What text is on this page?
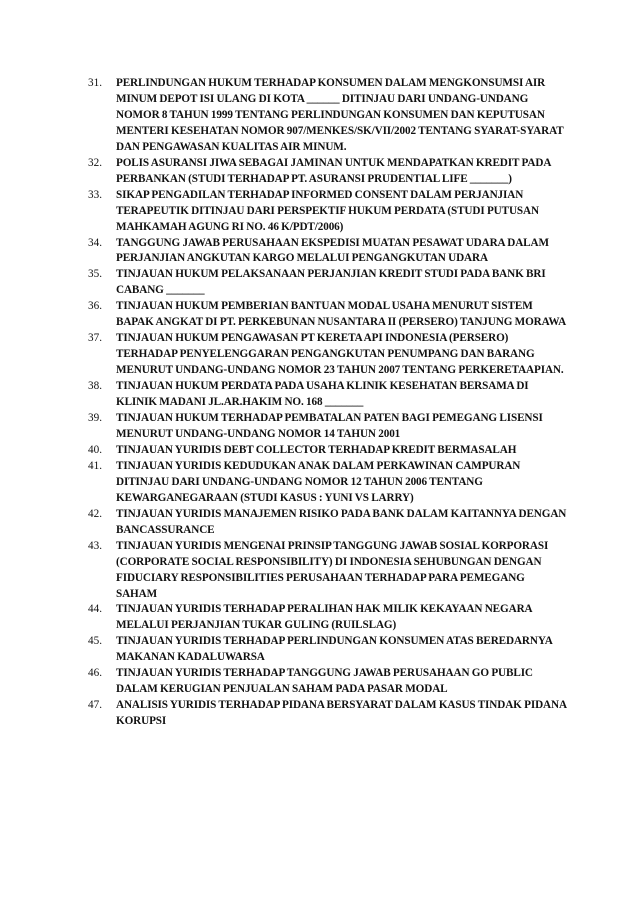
31.	PERLINDUNGAN HUKUM TERHADAP KONSUMEN DALAM MENGKONSUMSI AIR MINUM DEPOT ISI ULANG DI KOTA ______ DITINJAU DARI UNDANG-UNDANG NOMOR 8 TAHUN 1999 TENTANG PERLINDUNGAN KONSUMEN DAN KEPUTUSAN MENTERI KESEHATAN NOMOR 907/MENKES/SK/VII/2002 TENTANG SYARAT-SYARAT DAN PENGAWASAN KUALITAS AIR MINUM.
32.	POLIS ASURANSI JIWA SEBAGAI JAMINAN UNTUK MENDAPATKAN KREDIT PADA PERBANKAN (STUDI TERHADAP PT. ASURANSI PRUDENTIAL LIFE _______)
33.	SIKAP PENGADILAN TERHADAP INFORMED CONSENT DALAM PERJANJIAN TERAPEUTIK DITINJAU DARI PERSPEKTIF HUKUM PERDATA (STUDI PUTUSAN MAHKAMAH AGUNG RI NO. 46 K/PDT/2006)
34.	TANGGUNG JAWAB PERUSAHAAN EKSPEDISI MUATAN PESAWAT UDARA DALAM PERJANJIAN ANGKUTAN KARGO MELALUI PENGANGKUTAN UDARA
35.	TINJAUAN HUKUM PELAKSANAAN PERJANJIAN KREDIT STUDI PADA BANK BRI CABANG _______
36.	TINJAUAN HUKUM PEMBERIAN BANTUAN MODAL USAHA MENURUT SISTEM BAPAK ANGKAT DI PT. PERKEBUNAN NUSANTARA II (PERSERO) TANJUNG MORAWA
37.	TINJAUAN HUKUM PENGAWASAN PT KERETA API INDONESIA (PERSERO) TERHADAP PENYELENGGARAN PENGANGKUTAN PENUMPANG DAN BARANG MENURUT UNDANG-UNDANG NOMOR 23 TAHUN 2007 TENTANG PERKERETAAPIAN.
38.	TINJAUAN HUKUM PERDATA PADA USAHA KLINIK KESEHATAN BERSAMA DI KLINIK MADANI JL.AR.HAKIM NO. 168 _______
39.	TINJAUAN HUKUM TERHADAP PEMBATALAN PATEN BAGI PEMEGANG LISENSI MENURUT UNDANG-UNDANG NOMOR 14 TAHUN 2001
40.	TINJAUAN YURIDIS DEBT COLLECTOR TERHADAP KREDIT BERMASALAH
41.	TINJAUAN YURIDIS KEDUDUKAN ANAK DALAM PERKAWINAN CAMPURAN DITINJAU DARI UNDANG-UNDANG NOMOR 12 TAHUN 2006 TENTANG KEWARGANEGARAAN (STUDI KASUS : YUNI VS LARRY)
42.	TINJAUAN YURIDIS MANAJEMEN RISIKO PADA BANK DALAM KAITANNYA DENGAN BANCASSURANCE
43.	TINJAUAN YURIDIS MENGENAI PRINSIP TANGGUNG JAWAB SOSIAL KORPORASI (CORPORATE SOCIAL RESPONSIBILITY) DI INDONESIA SEHUBUNGAN DENGAN FIDUCIARY RESPONSIBILITIES PERUSAHAAN TERHADAP PARA PEMEGANG SAHAM
44.	TINJAUAN YURIDIS TERHADAP PERALIHAN HAK MILIK KEKAYAAN NEGARA MELALUI PERJANJIAN TUKAR GULING (RUILSLAG)
45.	TINJAUAN YURIDIS TERHADAP PERLINDUNGAN KONSUMEN ATAS BEREDARNYA MAKANAN KADALUWARSA
46.	TINJAUAN YURIDIS TERHADAP TANGGUNG JAWAB PERUSAHAAN GO PUBLIC DALAM KERUGIAN PENJUALAN SAHAM PADA PASAR MODAL
47.	ANALISIS YURIDIS TERHADAP PIDANA BERSYARAT DALAM KASUS TINDAK PIDANA KORUPSI
